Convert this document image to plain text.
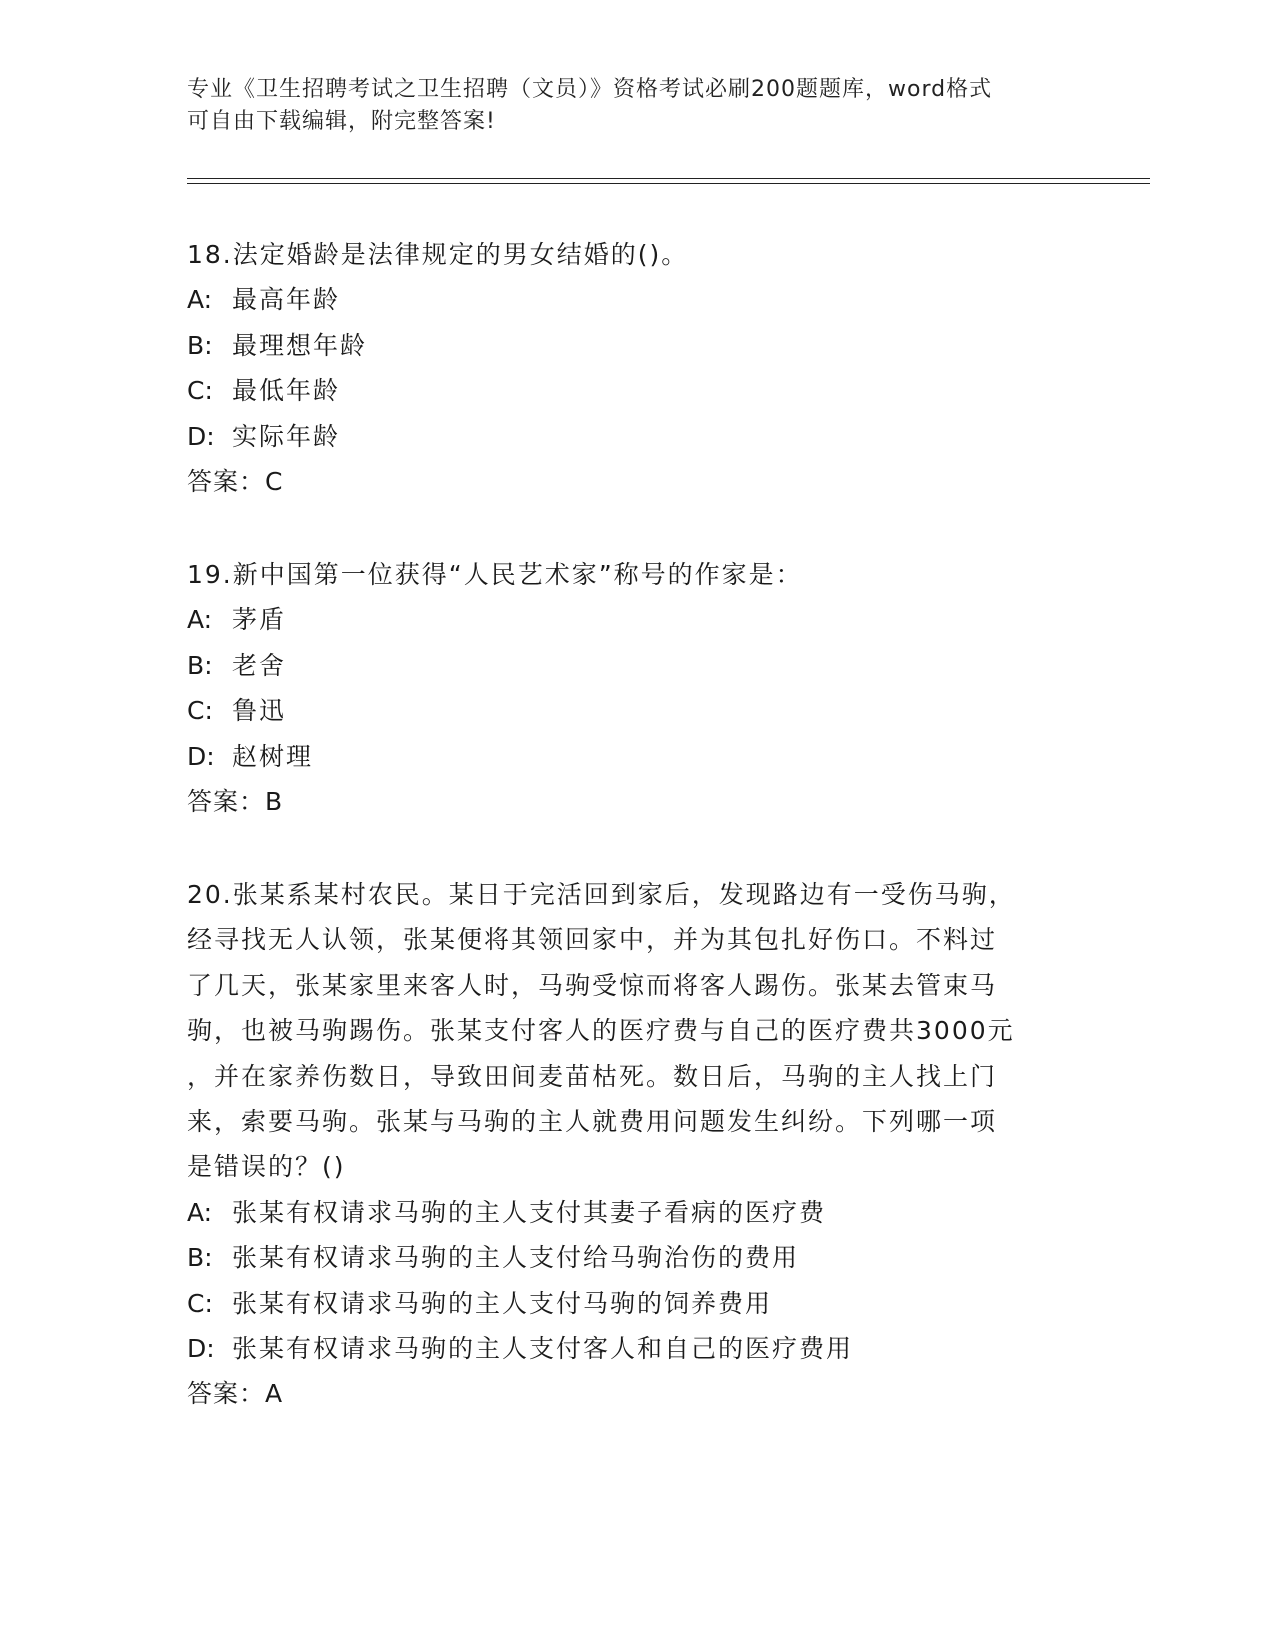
专业《卫生招聘考试之卫生招聘（文员）》资格考试必刷200题题库，word格式
可自由下载编辑，附完整答案!
18.法定婚龄是法律规定的男女结婚的()。
A: 最高年龄
B: 最理想年龄
C: 最低年龄
D: 实际年龄
答案：C
19.新中国第一位获得“人民艺术家”称号的作家是：
A: 茅盾
B: 老舍
C: 鲁迅
D: 赵树理
答案：B
20.张某系某村农民。某日于完活回到家后，发现路边有一受伤马驹，
经寻找无人认领，张某便将其领回家中，并为其包扎好伤口。不料过
了几天，张某家里来客人时，马驹受惊而将客人踢伤。张某去管束马
驹，也被马驹踢伤。张某支付客人的医疗费与自己的医疗费共3000元
，并在家养伤数日，导致田间麦苗枯死。数日后，马驹的主人找上门
来，索要马驹。张某与马驹的主人就费用问题发生纠纷。下列哪一项
是错误的？()
A: 张某有权请求马驹的主人支付其妻子看病的医疗费
B: 张某有权请求马驹的主人支付给马驹治伤的费用
C: 张某有权请求马驹的主人支付马驹的饲养费用
D: 张某有权请求马驹的主人支付客人和自己的医疗费用
答案：A
